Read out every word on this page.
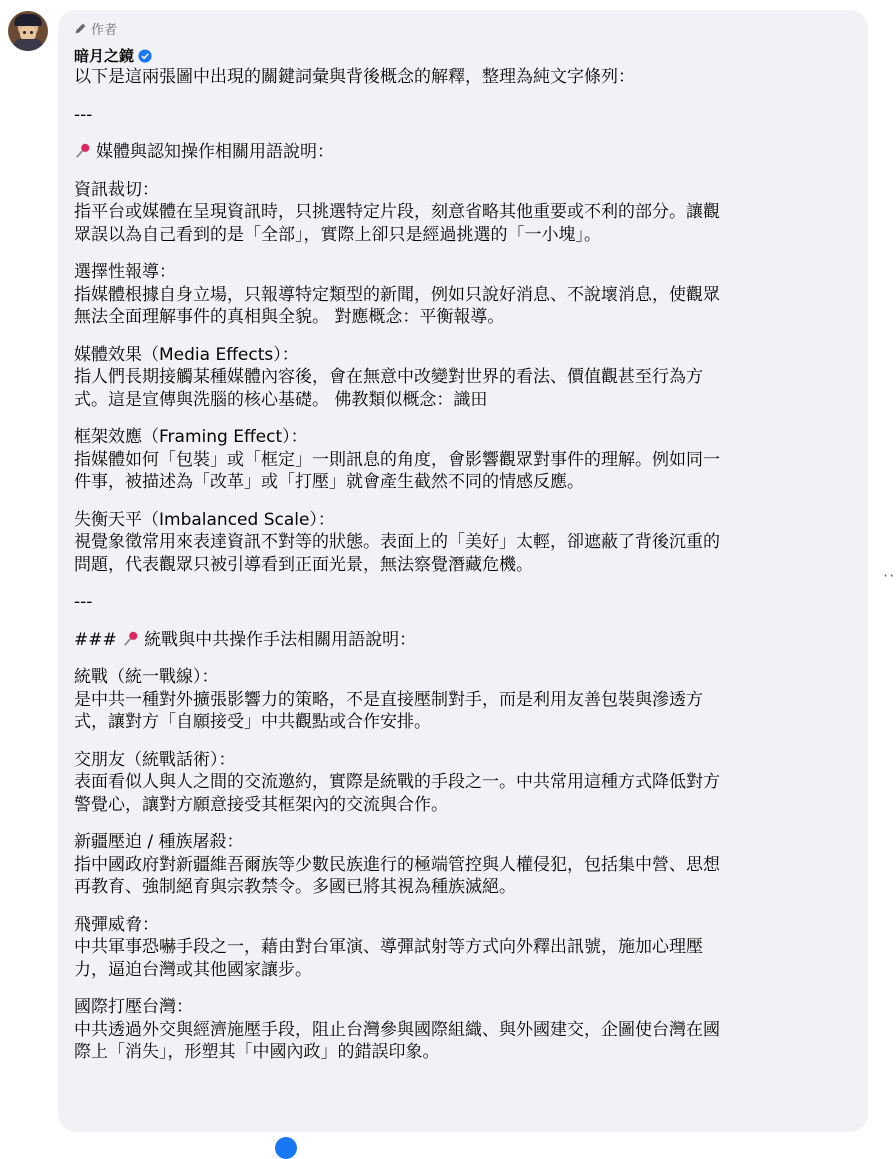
作者
暗月之鏡

以下是這兩張圖中出現的關鍵詞彙與背後概念的解釋，整理為純文字條列：

---

媒體與認知操作相關用語說明：

資訊裁切：

指平台或媒體在呈現資訊時，只挑選特定片段，刻意省略其他重要或不利的部分。讓觀

眾誤以為自己看到的是「全部」，實際上卻只是經過挑選的「一小塊」。

選擇性報導：

指媒體根據自身立場，只報導特定類型的新聞，例如只說好消息、不說壞消息，使觀眾

無法全面理解事件的真相與全貌。 對應概念：平衡報導。

媒體效果（Media Effects）：

指人們長期接觸某種媒體內容後，會在無意中改變對世界的看法、價值觀甚至行為方

式。這是宣傳與洗腦的核心基礎。 佛教類似概念：識田

框架效應（Framing Effect）：

指媒體如何「包裝」或「框定」一則訊息的角度，會影響觀眾對事件的理解。例如同一

件事，被描述為「改革」或「打壓」就會產生截然不同的情感反應。

失衡天平（Imbalanced Scale）：

視覺象徵常用來表達資訊不對等的狀態。表面上的「美好」太輕，卻遮蔽了背後沉重的

問題，代表觀眾只被引導看到正面光景，無法察覺潛藏危機。

---

### 統戰與中共操作手法相關用語說明：

統戰（統一戰線）：

是中共一種對外擴張影響力的策略，不是直接壓制對手，而是利用友善包裝與滲透方

式，讓對方「自願接受」中共觀點或合作安排。

交朋友（統戰話術）：

表面看似人與人之間的交流邀約，實際是統戰的手段之一。中共常用這種方式降低對方

警覺心，讓對方願意接受其框架內的交流與合作。

新疆壓迫 / 種族屠殺：

指中國政府對新疆維吾爾族等少數民族進行的極端管控與人權侵犯，包括集中營、思想

再教育、強制絕育與宗教禁令。多國已將其視為種族滅絕。

飛彈威脅：

中共軍事恐嚇手段之一，藉由對台軍演、導彈試射等方式向外釋出訊號，施加心理壓

力，逼迫台灣或其他國家讓步。

國際打壓台灣：

中共透過外交與經濟施壓手段，阻止台灣參與國際組織、與外國建交，企圖使台灣在國

際上「消失」，形塑其「中國內政」的錯誤印象。

··
